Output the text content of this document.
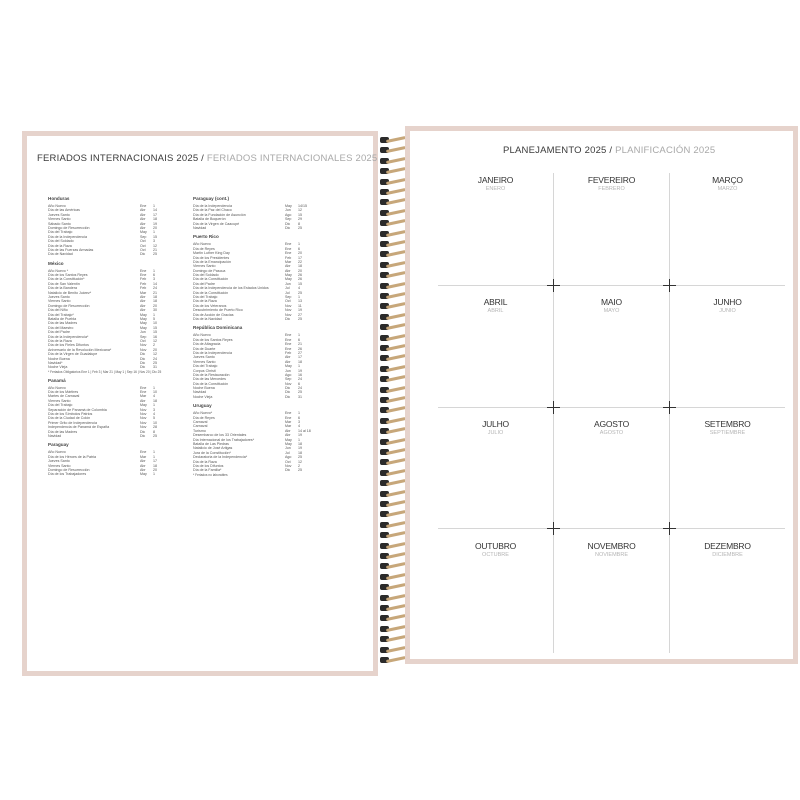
FERIADOS INTERNACIONAIS 2025 / FERIADOS INTERNACIONALES 2025
Honduras
Año Nuevo	Ene	1
Día de las Américas	Abr	14
Jueves Santo	Abr	17
Viernes Santo	Abr	18
Sábado Santo	Abr	19
Domingo de Resurrección	Abr	20
Día del Trabajo	May	1
Día de la Independencia	Sep	15
Día del Soldado	Oct	3
Día de la Raza	Oct	12
Día de las Fuerzas Armadas	Oct	21
Día de Navidad	Dic	25
México
Año Nuevo *	Ene	1
Día de los Santos Reyes	Ene	6
Día de la Constitución*	Feb	3
Día de San Valentín	Feb	14
Día de la Bandera	Feb	24
Natalicio de Benito Juárez*	Mar	21
Jueves Santo	Abr	18
Viernes Santo	Abr	18
Domingo de Resurrección	Abr	20
Día del Niño	Abr	30
Día del Trabajo*	May	1
Batalla de Puebla	May	5
Día de las Madres	May	10
Día del Maestro	May	15
Día del Padre	Jun	15
Día de la Independencia*	Sep	16
Día de la Raza	Oct	12
Día de los Fieles Difuntos	Nov	2
Aniversario de la Revolución Mexicana*	Nov	20
Día de la Virgen de Guadalupe	Dic	12
Noche Buena	Dic	24
Navidad*	Dic	25
Noche Vieja	Dic	31
* Feriados Obligatorios Ene 1 | Feb 3 | Mar 21 | May 1 | Sep 16 | Nov 20 | Dic 25
Panamá
Año Nuevo	Ene	1
Día de los Mártires	Ene	10
Martes de Carnaval	Mar	4
Viernes Santo	Abr	18
Día del Trabajo	May	1
Separación de Panamá de Colombia	Nov	3
Día de los Símbolos Patrios	Nov	4
Día de la Ciudad de Colón	Nov	5
Primer Grito de Independencia	Nov	10
Independencia de Panamá de España	Nov	28
Día de las Madres	Dic	8
Navidad	Dic	25
Paraguay
Año Nuevo	Ene	1
Día de los Héroes de la Patria	Mar	1
Jueves Santo	Abr	17
Viernes Santo	Abr	18
Domingo de Resurrección	Abr	20
Día de los Trabajadores	May	1
Paraguay (cont.)
Día de la Independencia	May	14/15
Día de la Paz del Chaco	Jun	12
Día de la Fundación de Asunción	Ago	15
Batalla de Boquerón	Sep	29
Día de la Virgen de Caacupé	Dic	8
Navidad	Dic	25
Puerto Rico
Año Nuevo	Ene	1
Día de Reyes	Ene	6
Martin Luther King Day	Ene	20
Día de los Presidentes	Feb	17
Día de la Emancipación	Mar	22
Viernes Santo	Abr	18
Domingo de Pascua	Abr	20
Día del Soldado	May	26
Día de la Constitución	May	26
Día del Padre	Jun	15
Día de la Independencia de los Estados Unidos	Jul	4
Día de la Constitución	Jul	25
Día del Trabajo	Sep	1
Día de la Raza	Oct	13
Día de los Veteranos	Nov	11
Descubrimiento de Puerto Rico	Nov	19
Día de Acción de Gracias	Nov	27
Día de la Navidad	Dic	25
República Dominicana
Año Nuevo	Ene	1
Día de los Santos Reyes	Ene	6
Día de Altagracia	Ene	21
Día de Duarte	Ene	26
Día de la Independencia	Feb	27
Jueves Santo	Abr	17
Viernes Santo	Abr	18
Día del Trabajo	May	1
Corpus Christi	Jun	19
Día de la Restauración	Ago	16
Día de las Mercedes	Sep	24
Día de la Constitución	Nov	6
Noche Buena	Dic	24
Navidad	Dic	25
Noche Vieja	Dic	31
Uruguay
Año Nuevo*	Ene	1
Día de Reyes	Ene	6
Carnaval	Mar	3
Carnaval	Mar	4
Turismo	Abr	14 al 18
Desembarco de los 33 Orientales	Abr	19
Día Internacional de los Trabajadores*	May	1
Batalla de Las Piedras	May	18
Natalicio de José Artigas	Jun	19
Jura de la Constitución*	Jul	18
Declaratoria de la Independencia*	Ago	25
Día de la Raza	Oct	12
Día de los Difuntos	Nov	2
Día de la Familia*	Dic	25
* Feriados no laborables
PLANEJAMENTO 2025 / PLANIFICACIÓN 2025
JANEIRO
ENERO
FEVEREIRO
FEBRERO
MARÇO
MARZO
ABRIL
ABRIL
MAIO
MAYO
JUNHO
JUNIO
JULHO
JULIO
AGOSTO
AGOSTO
SETEMBRO
SEPTIEMBRE
OUTUBRO
OCTUBRE
NOVEMBRO
NOVIEMBRE
DEZEMBRO
DICIEMBRE
